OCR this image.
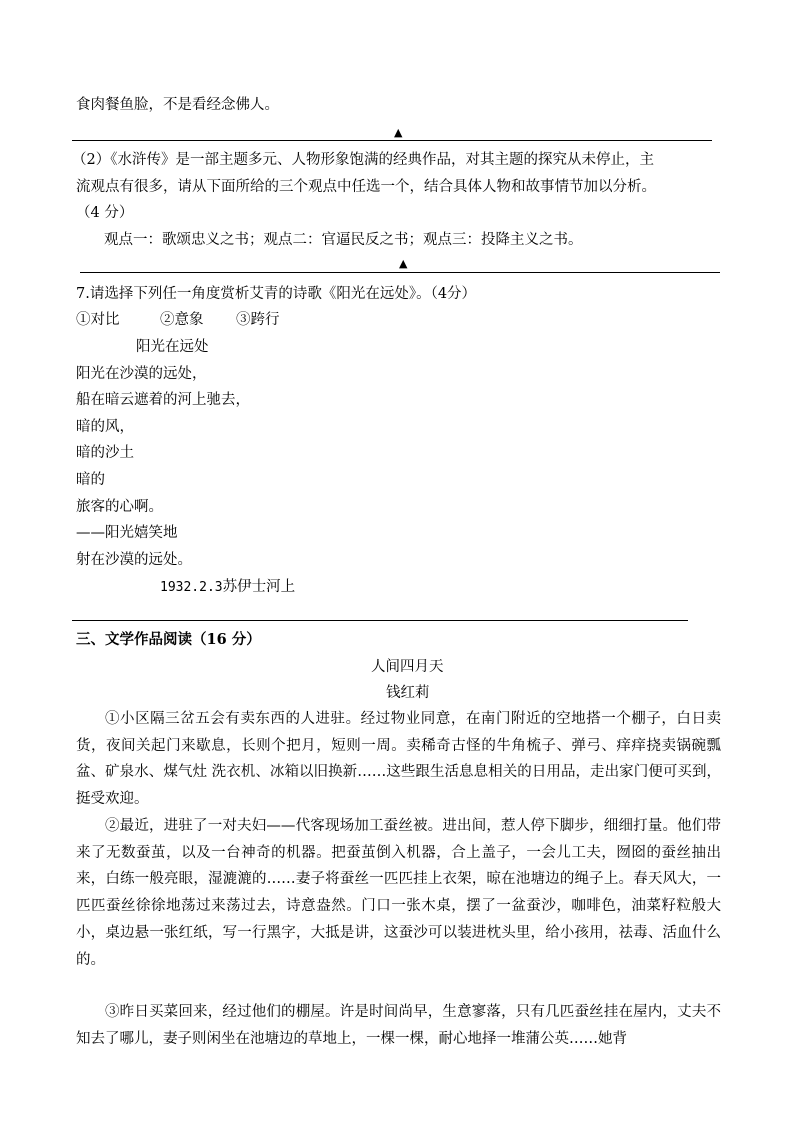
食肉餐鱼脸，不是看经念佛人。
▲
（2）《水浒传》是一部主题多元、人物形象饱满的经典作品，对其主题的探究从未停止，主
流观点有很多，请从下面所给的三个观点中任选一个，结合具体人物和故事情节加以分析。
（4 分）
观点一：歌颂忠义之书；观点二：官逼民反之书；观点三：投降主义之书。
▲
7.请选择下列任一角度赏析艾青的诗歌《阳光在远处》。（4分）
①对比	②意象 ③跨行
阳光在远处
阳光在沙漠的远处，
船在暗云遮着的河上驰去，
暗的风，
暗的沙土
暗的
旅客的心啊。
——阳光嬉笑地
射在沙漠的远处。
1932.2.3苏伊士河上
三、文学作品阅读（16 分）
人间四月天
钱红莉
①小区隔三岔五会有卖东西的人进驻。经过物业同意，在南门附近的空地搭一个棚子，白日卖货，夜间关起门来歇息，长则个把月，短则一周。卖稀奇古怪的牛角梳子、弹弓、痒痒挠卖锅碗瓢盆、矿泉水、煤气灶 洗衣机、冰箱以旧换新……这些跟生活息息相关的日用品，走出家门便可买到，挺受欢迎。
②最近，进驻了一对夫妇——代客现场加工蚕丝被。进出间，惹人停下脚步，细细打量。他们带来了无数蚕茧，以及一台神奇的机器。把蚕茧倒入机器，合上盖子，一会儿工夫，囫囵的蚕丝抽出来，白练一般亮眼，湿漉漉的……妻子将蚕丝一匹匹挂上衣架，晾在池塘边的绳子上。春天风大，一匹匹蚕丝徐徐地荡过来荡过去，诗意盎然。门口一张木桌，摆了一盆蚕沙，咖啡色，油菜籽粒般大小，桌边悬一张红纸，写一行黑字，大抵是讲，这蚕沙可以装进枕头里，给小孩用，祛毒、活血什么的。
③昨日买菜回来，经过他们的棚屋。许是时间尚早，生意寥落，只有几匹蚕丝挂在屋内，丈夫不知去了哪儿，妻子则闲坐在池塘边的草地上，一棵一棵，耐心地择一堆蒲公英……她背
